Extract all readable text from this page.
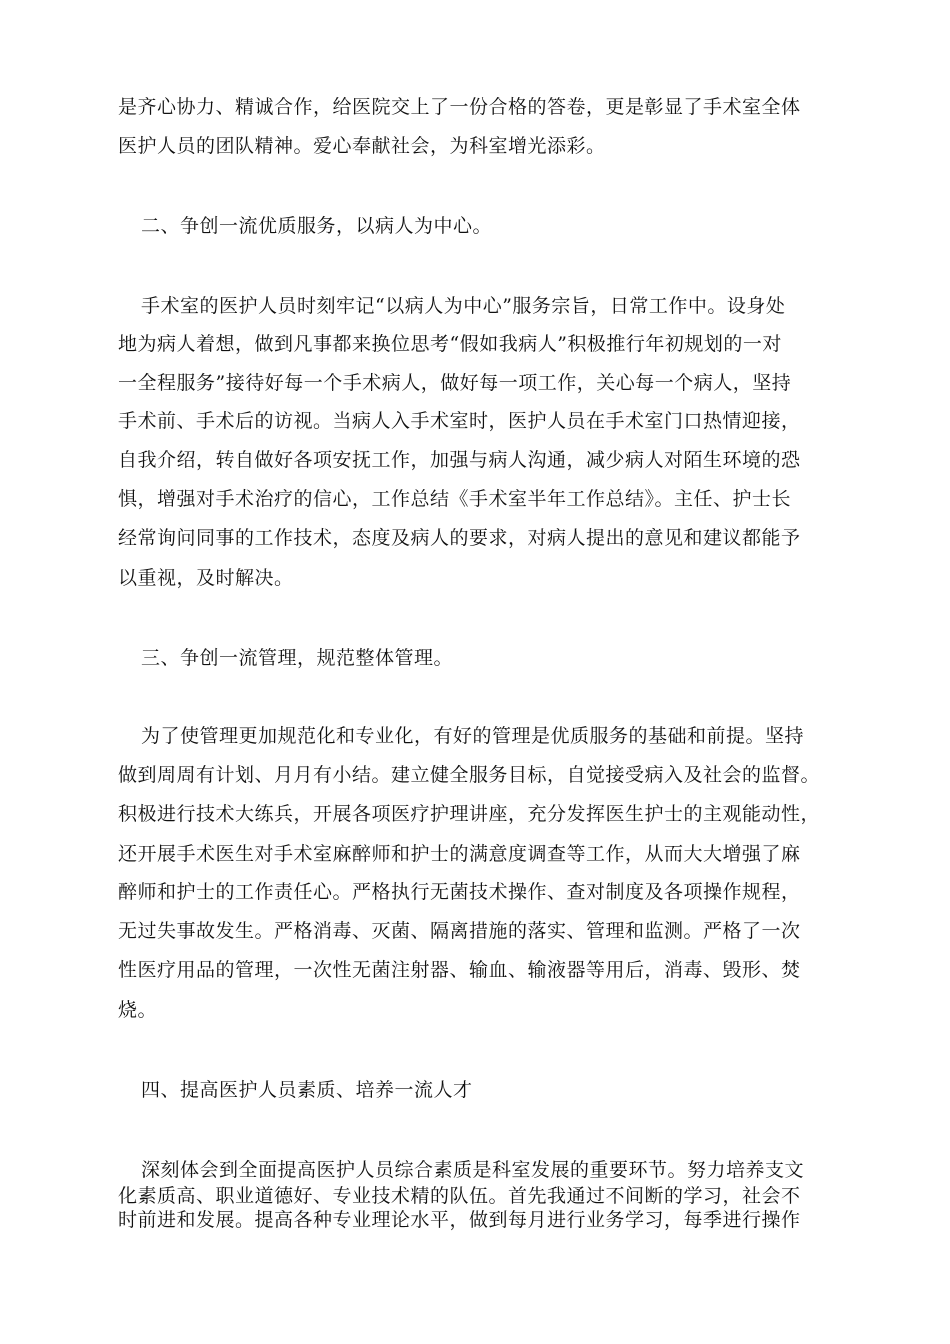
是齐心协力、精诚合作，给医院交上了一份合格的答卷，更是彰显了手术室全体
医护人员的团队精神。爱心奉献社会，为科室增光添彩。
二、争创一流优质服务，以病人为中心。
手术室的医护人员时刻牢记“以病人为中心”服务宗旨，日常工作中。设身处
地为病人着想，做到凡事都来换位思考“假如我病人”积极推行年初规划的一对
一全程服务”接待好每一个手术病人，做好每一项工作，关心每一个病人，坚持
手术前、手术后的访视。当病人入手术室时，医护人员在手术室门口热情迎接，
自我介绍，转自做好各项安抚工作，加强与病人沟通，减少病人对陌生环境的恐
惧，增强对手术治疗的信心，工作总结《手术室半年工作总结》。主任、护士长
经常询问同事的工作技术，态度及病人的要求，对病人提出的意见和建议都能予
以重视，及时解决。
三、争创一流管理，规范整体管理。
为了使管理更加规范化和专业化，有好的管理是优质服务的基础和前提。坚持
做到周周有计划、月月有小结。建立健全服务目标，自觉接受病入及社会的监督。
积极进行技术大练兵，开展各项医疗护理讲座，充分发挥医生护士的主观能动性，
还开展手术医生对手术室麻醉师和护士的满意度调查等工作，从而大大增强了麻
醉师和护士的工作责任心。严格执行无菌技术操作、查对制度及各项操作规程，
无过失事故发生。严格消毒、灭菌、隔离措施的落实、管理和监测。严格了一次
性医疗用品的管理，一次性无菌注射器、输血、输液器等用后，消毒、毁形、焚
烧。
四、提高医护人员素质、培养一流人才
深刻体会到全面提高医护人员综合素质是科室发展的重要环节。努力培养支文
化素质高、职业道德好、专业技术精的队伍。首先我通过不间断的学习，社会不
时前进和发展。提高各种专业理论水平，做到每月进行业务学习，每季进行操作
